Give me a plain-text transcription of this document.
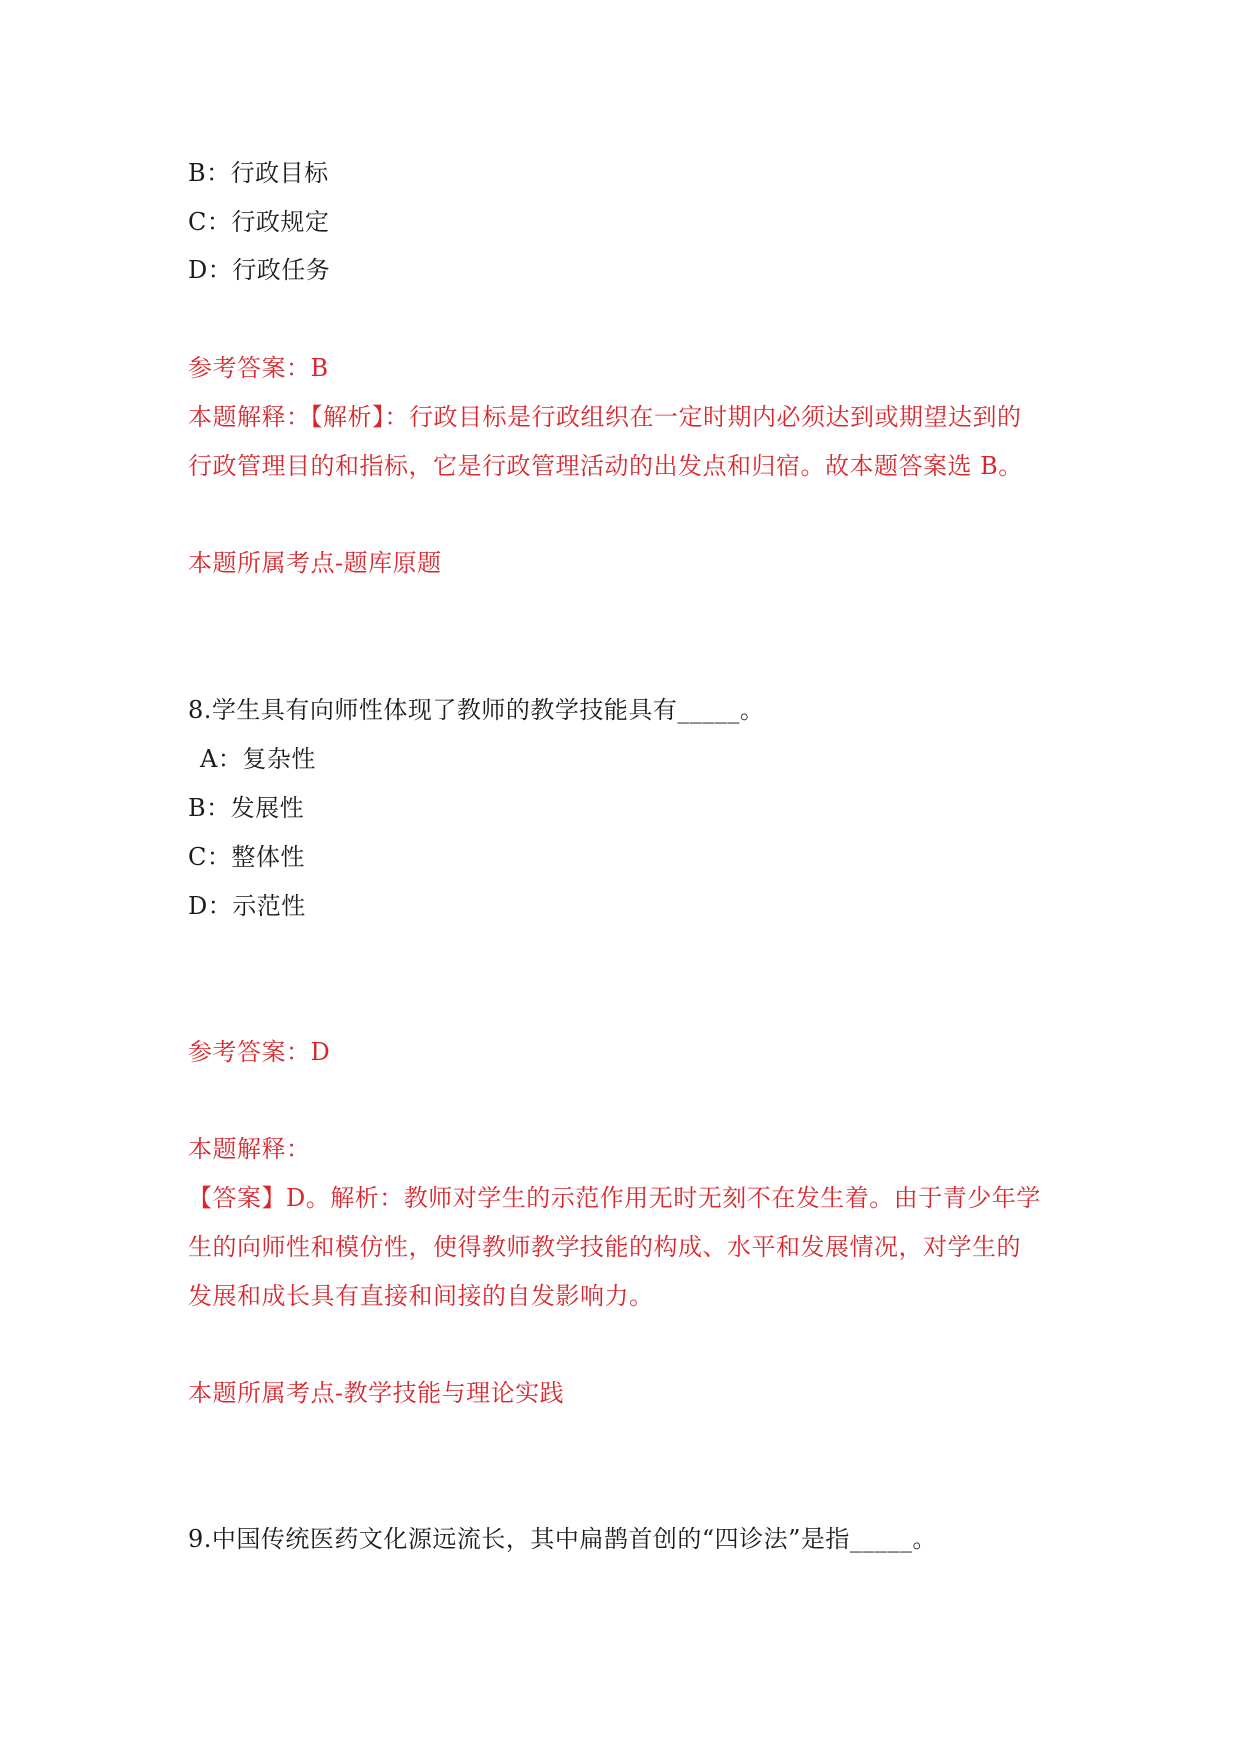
B：行政目标
C：行政规定
D：行政任务
参考答案：B
本题解释：【解析】：行政目标是行政组织在一定时期内必须达到或期望达到的
行政管理目的和指标，它是行政管理活动的出发点和归宿。故本题答案选 B。
本题所属考点-题库原题
8.学生具有向师性体现了教师的教学技能具有_____。
A：复杂性
B：发展性
C：整体性
D：示范性
参考答案：D
本题解释：
【答案】D。解析：教师对学生的示范作用无时无刻不在发生着。由于青少年学
生的向师性和模仿性，使得教师教学技能的构成、水平和发展情况，对学生的
发展和成长具有直接和间接的自发影响力。
本题所属考点-教学技能与理论实践
9.中国传统医药文化源远流长，其中扁鹊首创的“四诊法”是指_____。
